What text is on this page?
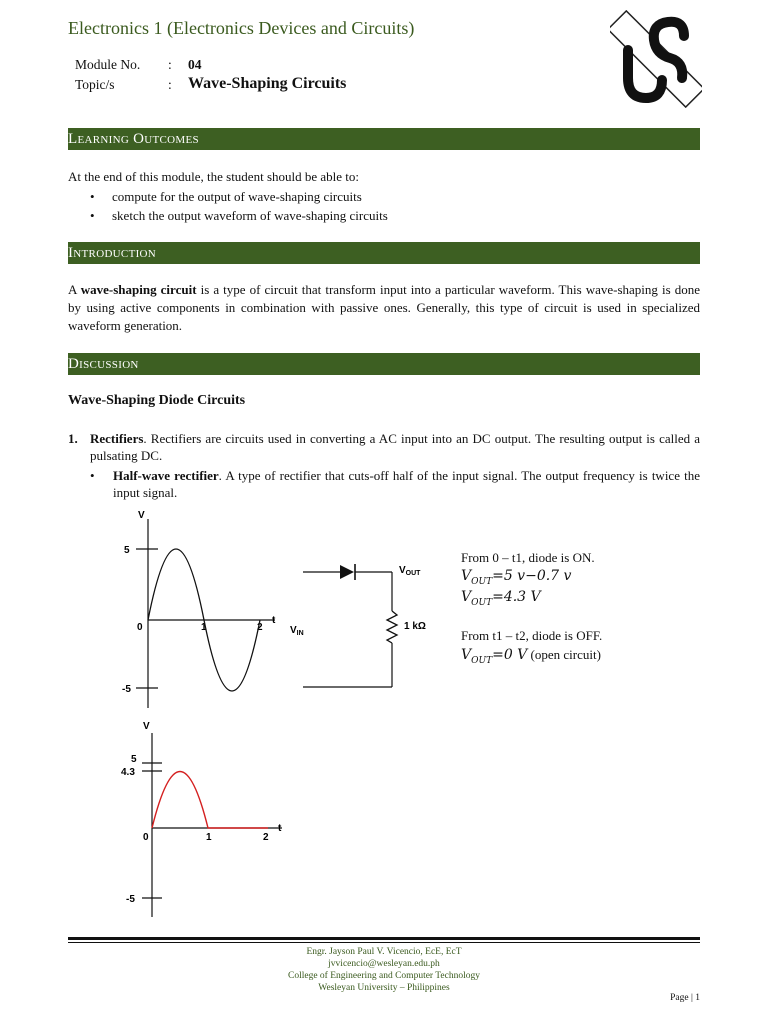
Electronics 1 (Electronics Devices and Circuits)
Module No. : 04
Topic/s	: Wave-Shaping Circuits
Learning Outcomes
At the end of this module, the student should be able to:
• compute for the output of wave-shaping circuits
• sketch the output waveform of wave-shaping circuits
Introduction
A wave-shaping circuit is a type of circuit that transform input into a particular waveform. This wave-shaping is done by using active components in combination with passive ones. Generally, this type of circuit is used in specialized waveform generation.
Discussion
Wave-Shaping Diode Circuits
1. Rectifiers. Rectifiers are circuits used in converting a AC input into an DC output. The resulting output is called a pulsating DC.
• Half-wave rectifier. A type of rectifier that cuts-off half of the input signal. The output frequency is twice the input signal.
V
t
5
0
-5
1	2
$V_{OUT}$
$V_{IN}$
1 kΩ
V
t
5
4.3
0
-5
1	2
From 0 – t1, diode is ON.
$V_{OUT}=5$ v−0.7 v
$V_{OUT}=4.3$ V
From t1 – t2, diode is OFF.
$V_{OUT}=0$ V (open circuit)
Engr. Jayson Paul V. Vicencio, EcE, EcT
jvvicencio@wesleyan.edu.ph
College of Engineering and Computer Technology
Wesleyan University – Philippines
Page | 1
